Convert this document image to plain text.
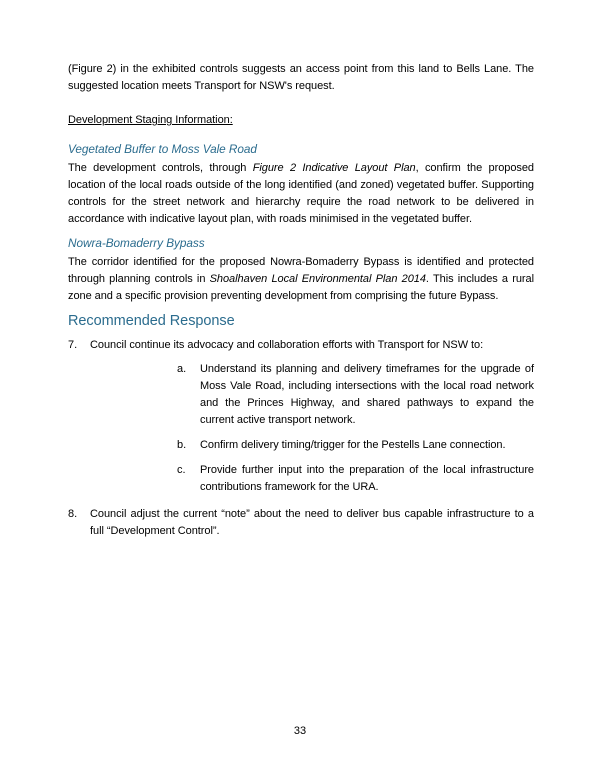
(Figure 2) in the exhibited controls suggests an access point from this land to Bells Lane. The suggested location meets Transport for NSW's request.

Development Staging Information:

Vegetated Buffer to Moss Vale Road

The development controls, through Figure 2 Indicative Layout Plan, confirm the proposed location of the local roads outside of the long identified (and zoned) vegetated buffer. Supporting controls for the street network and hierarchy require the road network to be delivered in accordance with indicative layout plan, with roads minimised in the vegetated buffer.

Nowra-Bomaderry Bypass

The corridor identified for the proposed Nowra-Bomaderry Bypass is identified and protected through planning controls in Shoalhaven Local Environmental Plan 2014. This includes a rural zone and a specific provision preventing development from comprising the future Bypass.

Recommended Response
7.	Council continue its advocacy and collaboration efforts with Transport for NSW to:

a.	Understand its planning and delivery timeframes for the upgrade of Moss Vale Road, including intersections with the local road network and the Princes Highway, and shared pathways to expand the current active transport network.

b.	Confirm delivery timing/trigger for the Pestells Lane connection.

c.	Provide further input into the preparation of the local infrastructure contributions framework for the URA.

8.	Council adjust the current “note” about the need to deliver bus capable infrastructure to a full “Development Control”.

33
